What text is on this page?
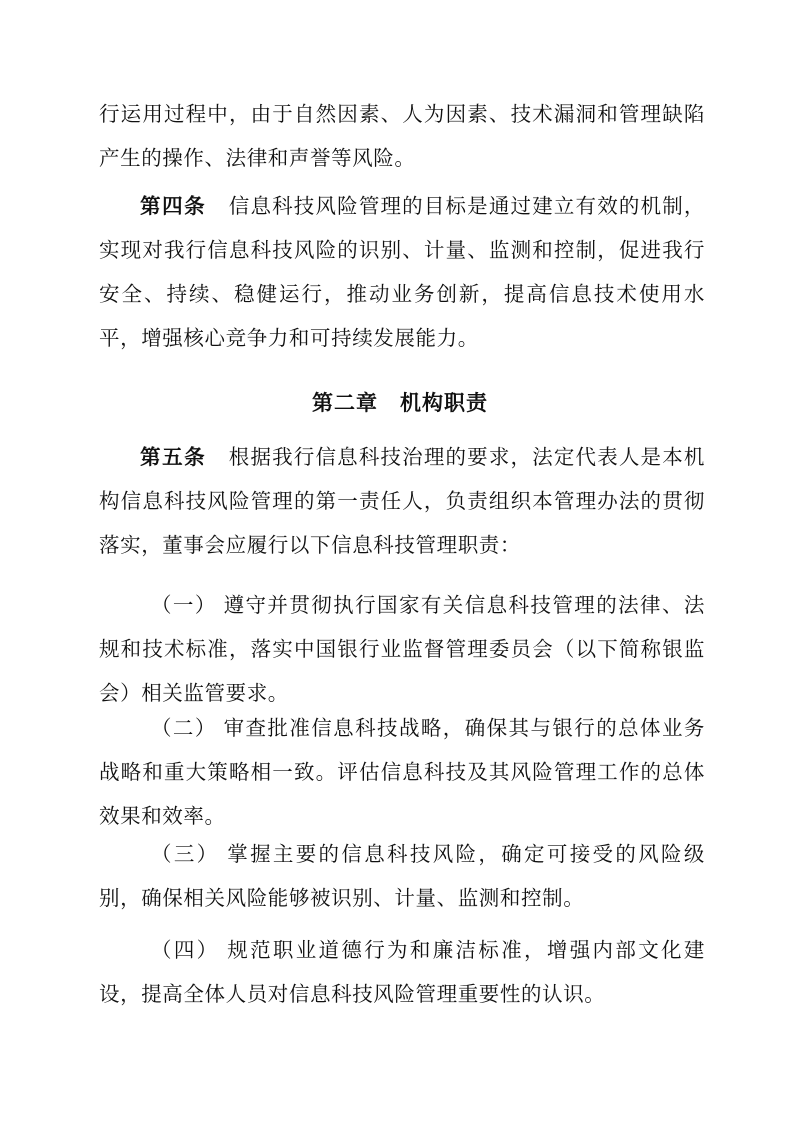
行运用过程中，由于自然因素、人为因素、技术漏洞和管理缺陷产生的操作、法律和声誉等风险。

第四条 信息科技风险管理的目标是通过建立有效的机制，实现对我行信息科技风险的识别、计量、监测和控制，促进我行安全、持续、稳健运行，推动业务创新，提高信息技术使用水平，增强核心竞争力和可持续发展能力。

第二章 机构职责

第五条 根据我行信息科技治理的要求，法定代表人是本机构信息科技风险管理的第一责任人，负责组织本管理办法的贯彻落实，董事会应履行以下信息科技管理职责：

（一） 遵守并贯彻执行国家有关信息科技管理的法律、法规和技术标准，落实中国银行业监督管理委员会（以下简称银监会）相关监管要求。

（二） 审查批准信息科技战略，确保其与银行的总体业务战略和重大策略相一致。评估信息科技及其风险管理工作的总体效果和效率。

（三） 掌握主要的信息科技风险，确定可接受的风险级别，确保相关风险能够被识别、计量、监测和控制。

（四） 规范职业道德行为和廉洁标准，增强内部文化建设，提高全体人员对信息科技风险管理重要性的认识。
